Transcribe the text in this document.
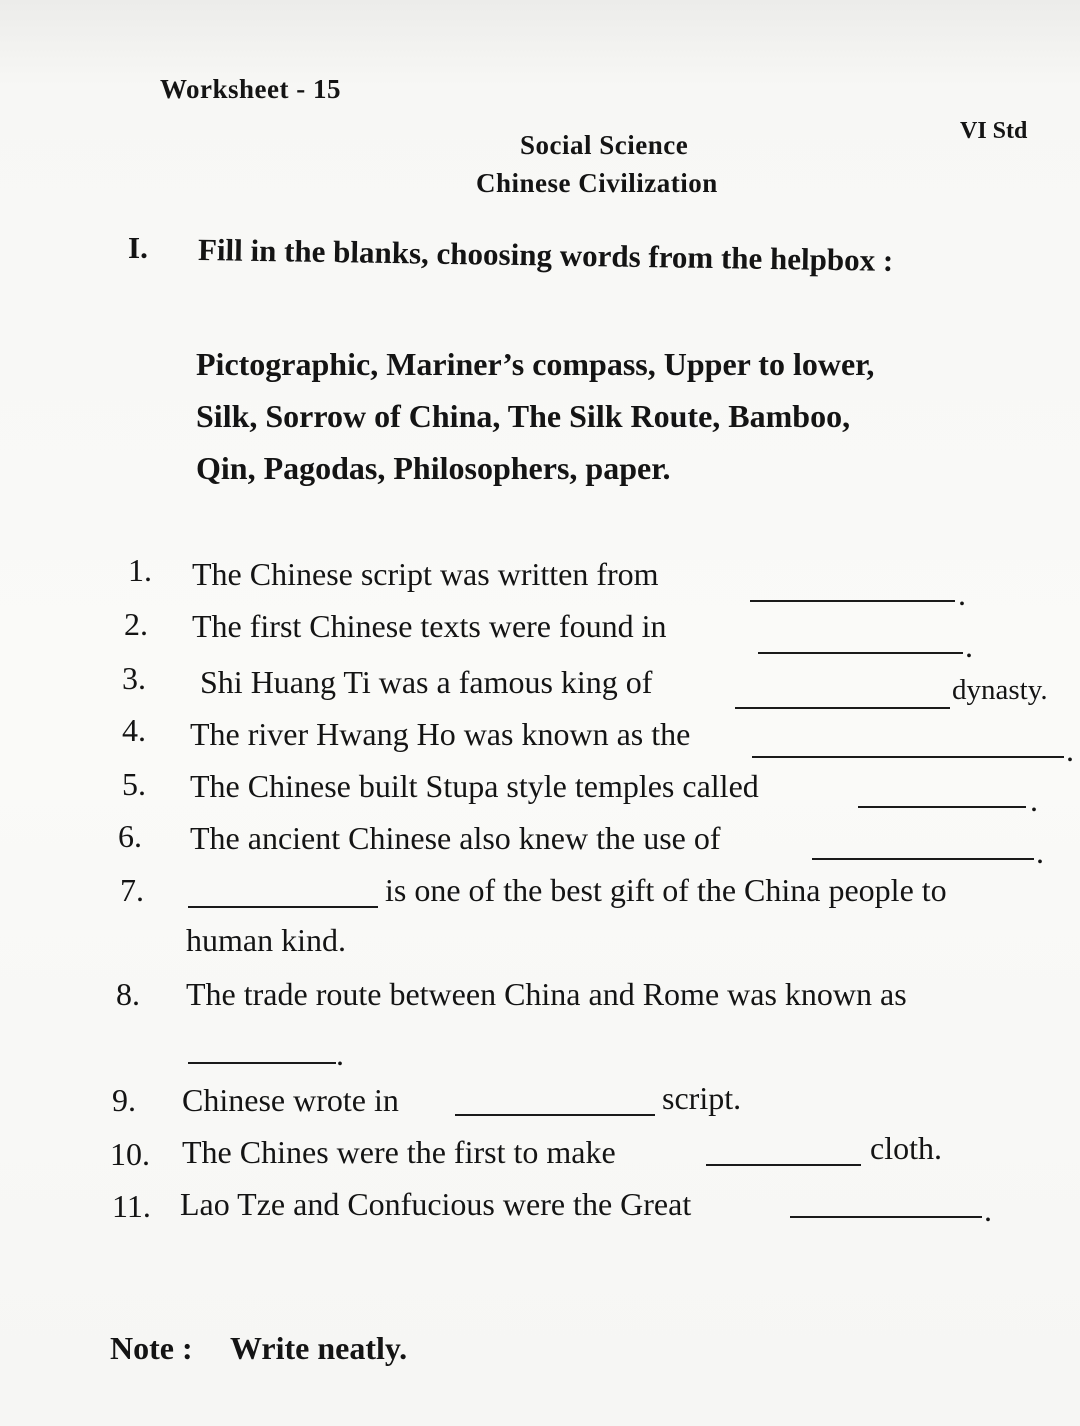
Worksheet - 15
VI Std
Social Science
Chinese Civilization
I. Fill in the blanks, choosing words from the helpbox :
Pictographic, Mariner’s compass, Upper to lower,
Silk, Sorrow of China, The Silk Route, Bamboo,
Qin, Pagodas, Philosophers, paper.
1. The Chinese script was written from
.
2. The first Chinese texts were found in
.
3. Shi Huang Ti was a famous king of	dynasty.
4. The river Hwang Ho was known as the	.
5. The Chinese built Stupa style temples called	.
6. The ancient Chinese also knew the use of	.
7.	is one of the best gift of the China people to
human kind.
8. The trade route between China and Rome was known as
.
9. Chinese wrote in	script.
10. The Chines were the first to make	cloth.
11. Lao Tze and Confucious were the Great	.
Note : Write neatly.
